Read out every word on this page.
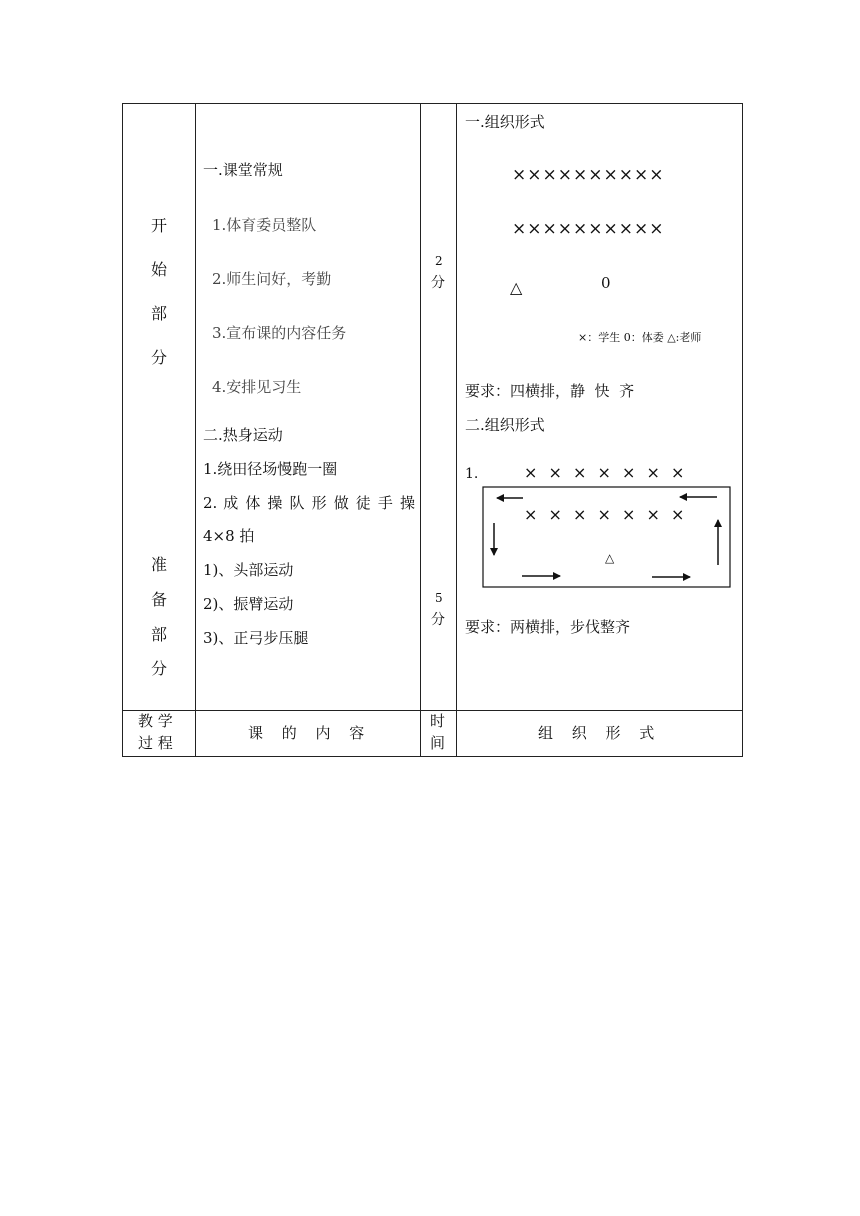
开
始
部
分
准
备
部
分
一.课堂常规
1.体育委员整队
2.师生问好，考勤
3.宣布课的内容任务
4.安排见习生
二.热身运动
1.绕田径场慢跑一圈
2. 成 体 操 队 形 做 徒 手 操
4×8 拍
1)、头部运动
2)、振臂运动
3)、正弓步压腿
2
分
5
分
一.组织形式
××××××××××
××××××××××
△	0
×：学生 0：体委 △:老师
要求：四横排，静  快  齐
二.组织形式
1.	× × × × × × ×
× × × × × × ×
△
要求：两横排，步伐整齐
教 学
过 程
课 的 内 容
时
间
组 织 形 式
